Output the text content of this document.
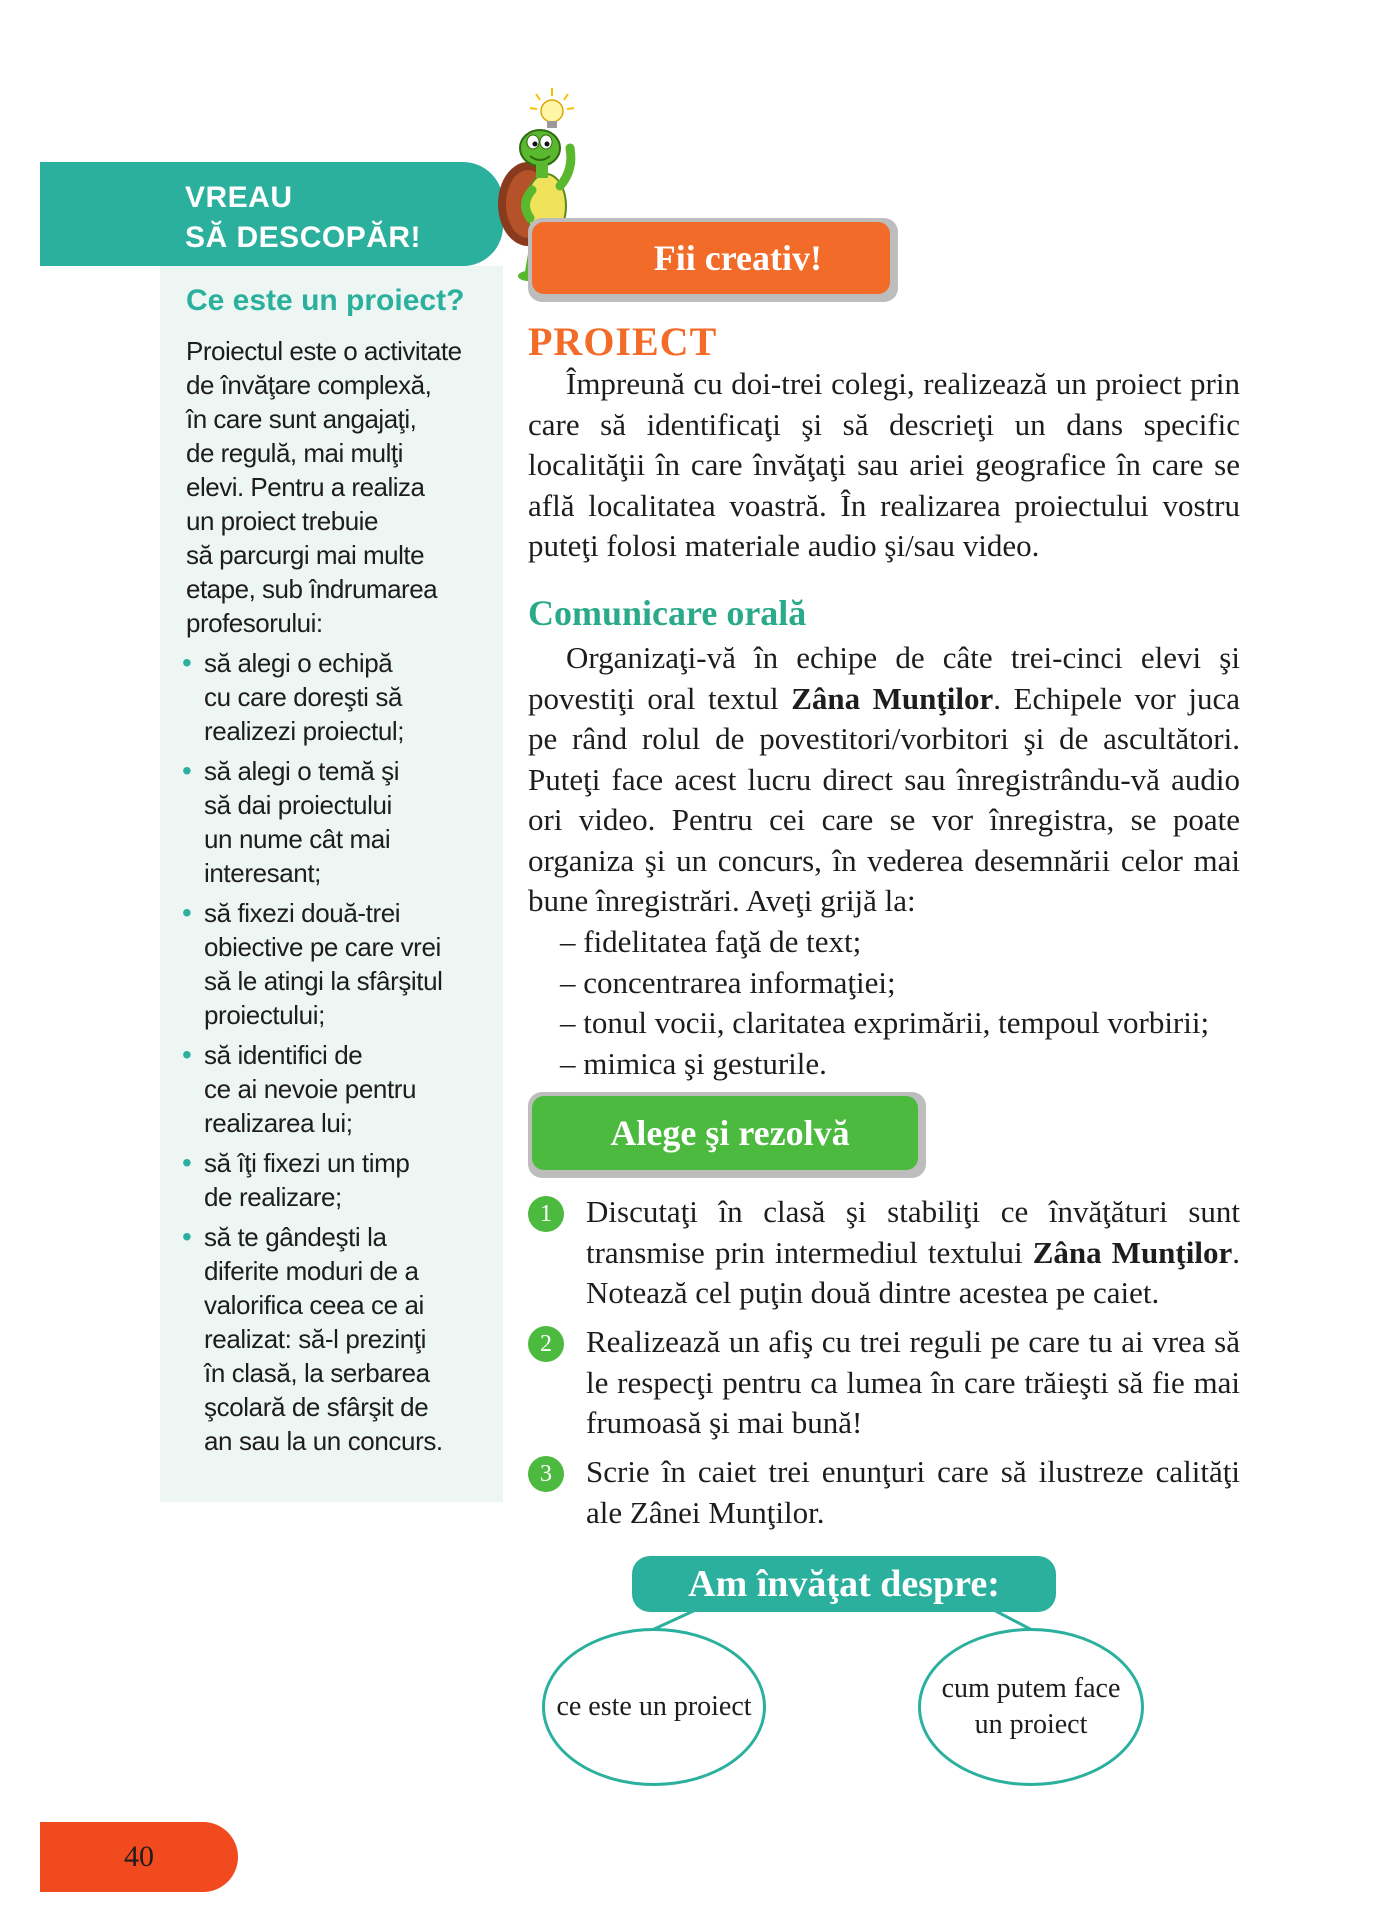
VREAU
SĂ DESCOPĂR!
Ce este un proiect?
Proiectul este o activitate
de învăţare complexă,
în care sunt angajaţi,
de regulă, mai mulţi
elevi. Pentru a realiza
un proiect trebuie
să parcurgi mai multe
etape, sub îndrumarea
profesorului:
• să alegi o echipă
cu care doreşti să
realizezi proiectul;
• să alegi o temă şi
să dai proiectului
un nume cât mai
interesant;
• să fixezi două-trei
obiective pe care vrei
să le atingi la sfârşitul
proiectului;
• să identifici de
ce ai nevoie pentru
realizarea lui;
• să îţi fixezi un timp
de realizare;
• să te gândeşti la
diferite moduri de a
valorifica ceea ce ai
realizat: să-l prezinţi
în clasă, la serbarea
şcolară de sfârşit de
an sau la un concurs.
Fii creativ!
PROIECT
Împreună cu doi-trei colegi, realizează un proiect prin care să identificaţi şi să descrieţi un dans specific localităţii în care învăţaţi sau ariei geografice în care se află localitatea voastră. În realizarea proiectului vostru puteţi folosi materiale audio şi/sau video.
Comunicare orală
Organizaţi-vă în echipe de câte trei-cinci elevi şi povestiţi oral textul Zâna Munţilor. Echipele vor juca pe rând rolul de povestitori/vorbitori şi de ascultători. Puteţi face acest lucru direct sau înregistrându-vă audio ori video. Pentru cei care se vor înregistra, se poate organiza şi un concurs, în vederea desemnării celor mai bune înregistrări. Aveţi grijă la:
– fidelitatea faţă de text;
– concentrarea informaţiei;
– tonul vocii, claritatea exprimării, tempoul vorbirii;
– mimica şi gesturile.
Alege şi rezolvă
1	Discutaţi în clasă şi stabiliţi ce învăţături sunt transmise prin intermediul textului Zâna Munţilor. Notează cel puţin două dintre acestea pe caiet.
2	Realizează un afiş cu trei reguli pe care tu ai vrea să le respecţi pentru ca lumea în care trăieşti să fie mai frumoasă şi mai bună!
3	Scrie în caiet trei enunţuri care să ilustreze calităţi ale Zânei Munţilor.
Am învăţat despre:
ce este un proiect
cum putem face
un proiect
40
